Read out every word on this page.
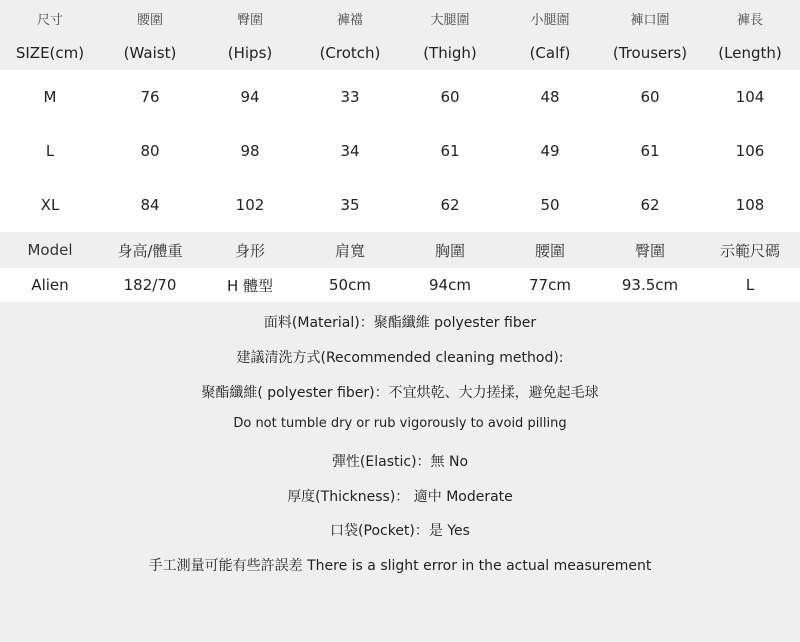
尺寸	腰圍	臀圍	褲襠	大腿圍	小腿圍	褲口圍	褲長
SIZE(cm)	(Waist)	(Hips)	(Crotch)	(Thigh)	(Calf)	(Trousers)	(Length)
M	76	94	33	60	48	60	104
L	80	98	34	61	49	61	106
XL	84	102	35	62	50	62	108
Model	身高/體重	身形	肩寬	胸圍	腰圍	臀圍	示範尺碼
Alien	182/70	H 體型	50cm	94cm	77cm	93.5cm	L
面料(Material)：聚酯纖維 polyester fiber
建議清洗方式(Recommended cleaning method):
聚酯纖維( polyester fiber)：不宜烘乾、大力搓揉，避免起毛球
Do not tumble dry or rub vigorously to avoid pilling
彈性(Elastic)：無 No
厚度(Thickness)： 適中 Moderate
口袋(Pocket)：是 Yes
手工測量可能有些許誤差 There is a slight error in the actual measurement
